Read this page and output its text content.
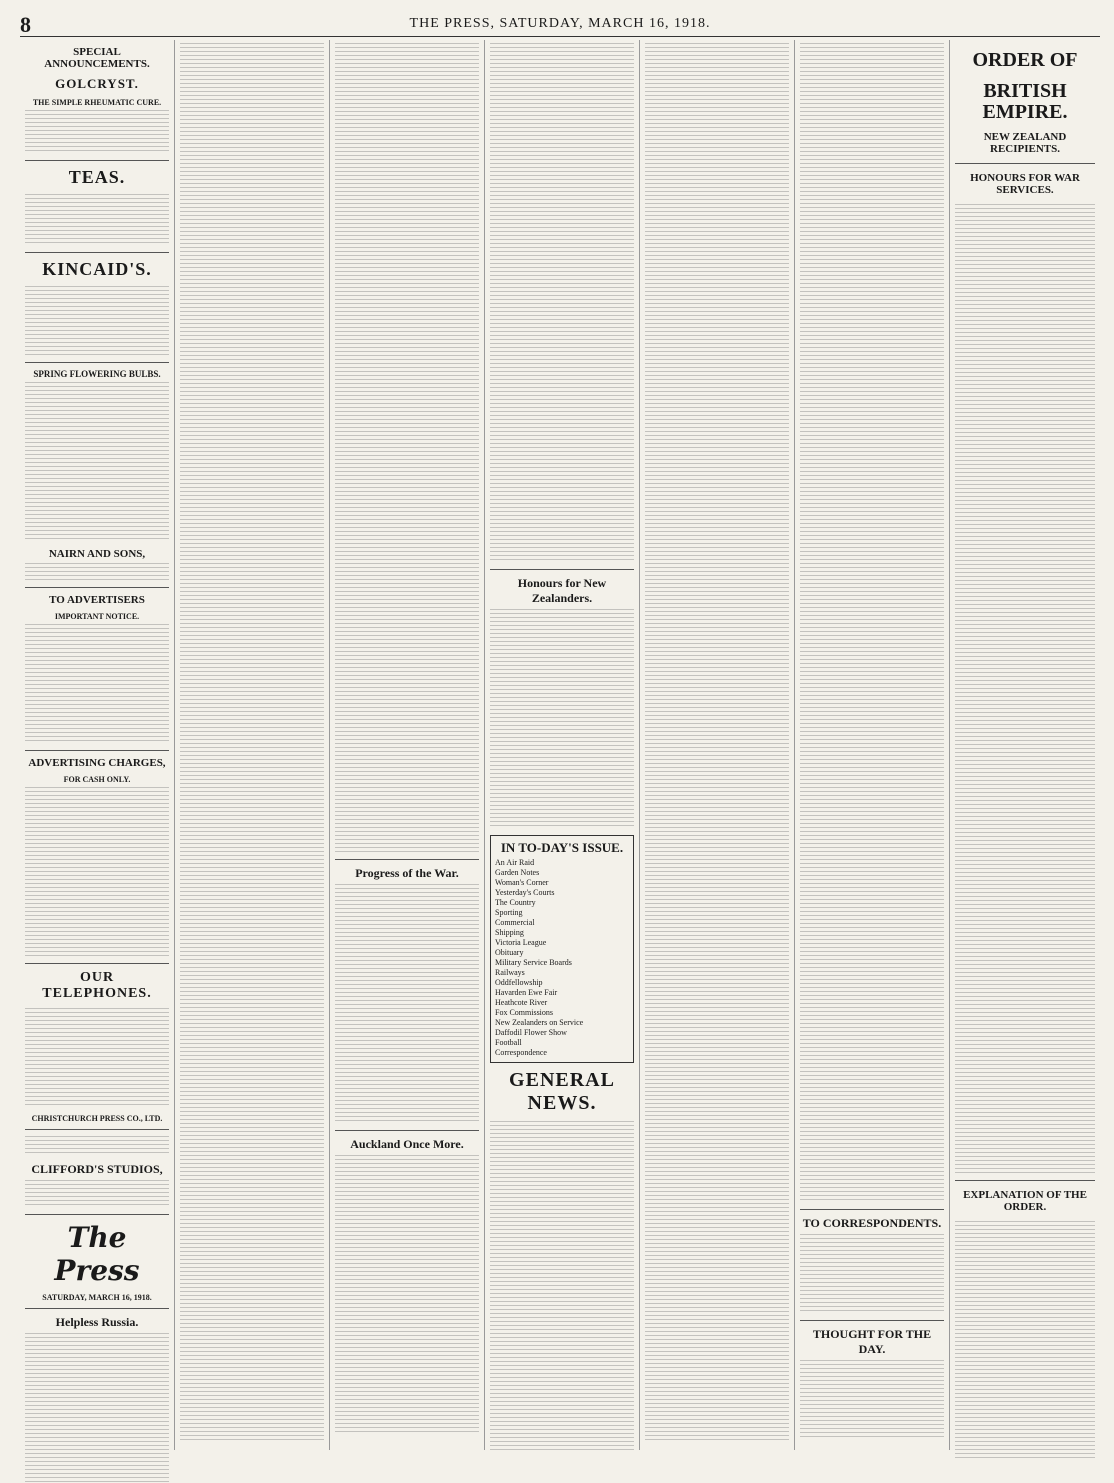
8	THE PRESS, SATURDAY, MARCH 16, 1918.
SPECIAL ANNOUNCEMENTS.
GOLCRYST.
THE SIMPLE RHEUMATIC CURE.
TEAS.
KINCAID'S.
SPRING FLOWERING BULBS.
NAIRN AND SONS,
TO ADVERTISERS
IMPORTANT NOTICE.
ADVERTISING CHARGES,
FOR CASH ONLY.
OUR TELEPHONES.
CHRISTCHURCH PRESS CO., LTD.
CLIFFORD'S STUDIOS,
The Press
SATURDAY, MARCH 16, 1918.
Helpless Russia.
Progress of the War.
Auckland Once More.
Honours for New Zealanders.
IN TO-DAY'S ISSUE.
An Air Raid
Garden Notes
Woman's Corner
Yesterday's Courts
The Country
Sporting
Commercial
Shipping
Victoria League
Obituary
Military Service Boards
Railways
Oddfellowship
Havarden Ewe Fair
Heathcote River
Fox Commissions
New Zealanders on Service
Daffodil Flower Show
Football
Correspondence
GENERAL NEWS.
TO CORRESPONDENTS.
THOUGHT FOR THE DAY.
ORDER OF
BRITISH EMPIRE.
NEW ZEALAND RECIPIENTS.
HONOURS FOR WAR SERVICES.
EXPLANATION OF THE ORDER.
